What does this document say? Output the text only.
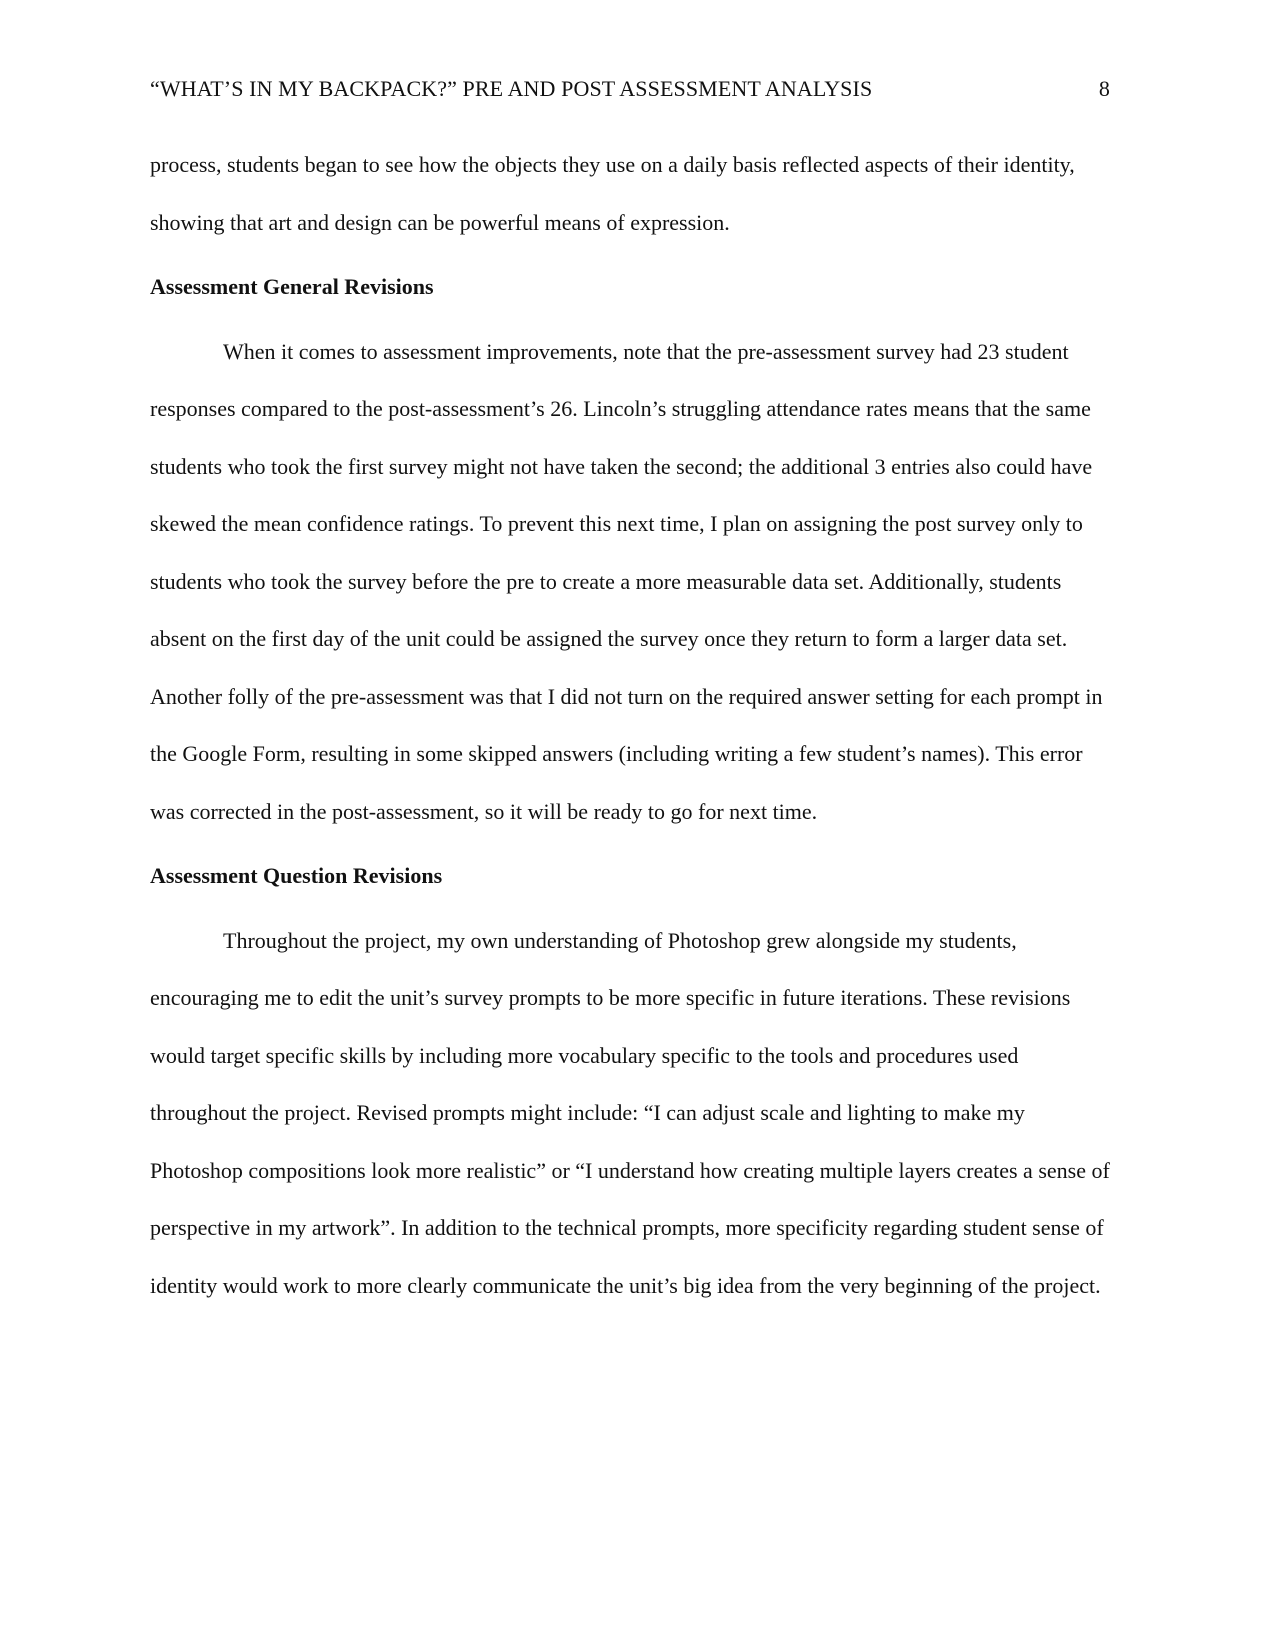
“WHAT’S IN MY BACKPACK?” PRE AND POST ASSESSMENT ANALYSIS	8

process, students began to see how the objects they use on a daily basis reflected aspects of their identity, showing that art and design can be powerful means of expression.

Assessment General Revisions

When it comes to assessment improvements, note that the pre-assessment survey had 23 student responses compared to the post-assessment’s 26. Lincoln’s struggling attendance rates means that the same students who took the first survey might not have taken the second; the additional 3 entries also could have skewed the mean confidence ratings. To prevent this next time, I plan on assigning the post survey only to students who took the survey before the pre to create a more measurable data set. Additionally, students absent on the first day of the unit could be assigned the survey once they return to form a larger data set. Another folly of the pre-assessment was that I did not turn on the required answer setting for each prompt in the Google Form, resulting in some skipped answers (including writing a few student’s names). This error was corrected in the post-assessment, so it will be ready to go for next time.

Assessment Question Revisions

Throughout the project, my own understanding of Photoshop grew alongside my students, encouraging me to edit the unit’s survey prompts to be more specific in future iterations. These revisions would target specific skills by including more vocabulary specific to the tools and procedures used throughout the project. Revised prompts might include: “I can adjust scale and lighting to make my Photoshop compositions look more realistic” or “I understand how creating multiple layers creates a sense of perspective in my artwork”. In addition to the technical prompts, more specificity regarding student sense of identity would work to more clearly communicate the unit’s big idea from the very beginning of the project.
